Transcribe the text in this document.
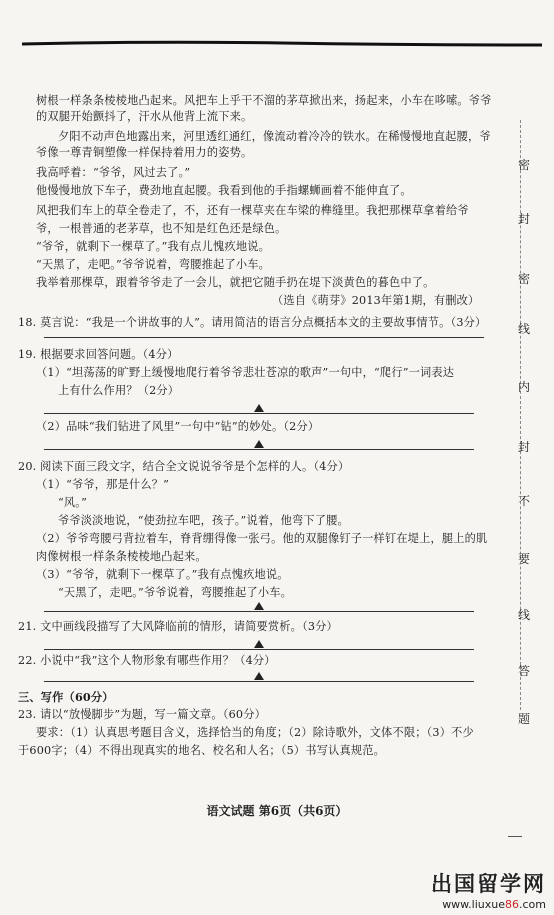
树根一样条条棱棱地凸起来。风把车上乎干不溜的茅草掀出来，扬起来，小车在哆嗦。爷爷
的双腿开始颤抖了，汗水从他背上流下来。
夕阳不动声色地露出来，河里透红通红，像流动着冷冷的铁水。在稀慢慢地直起腰，爷
爷像一尊青铜塑像一样保持着用力的姿势。
我高呼着：“爷爷，风过去了。”
他慢慢地放下车子，费劲地直起腰。我看到他的手指螺蛳画着不能伸直了。
风把我们车上的草全卷走了，不，还有一棵草夹在车梁的榫缝里。我把那棵草拿着给爷
爷，一根普通的老茅草，也不知是红色还是绿色。
“爷爷，就剩下一棵草了。”我有点儿愧疚地说。
“天黑了，走吧。”爷爷说着，弯腰推起了小车。
我举着那棵草，跟着爷爷走了一会儿，就把它随手扔在堤下淡黄色的暮色中了。
（选自《萌芽》2013年第1期，有删改）
18. 莫言说：“我是一个讲故事的人”。请用简洁的语言分点概括本文的主要故事情节。（3分）
19. 根据要求回答问题。（4分）
（1）“坦荡荡的旷野上缓慢地爬行着爷爷悲壮苍凉的歌声”一句中，“爬行”一词表达
上有什么作用？（2分）
（2）品味“我们钻进了风里”一句中“钻”的妙处。（2分）
20. 阅读下面三段文字，结合全文说说爷爷是个怎样的人。（4分）
（1）“爷爷，那是什么？”
“风。”
爷爷淡淡地说，“使劲拉车吧，孩子。”说着，他弯下了腰。
（2）爷爷弯腰弓背拉着车，脊背绷得像一张弓。他的双腿像钉子一样钉在堤上，腿上的肌
肉像树根一样条条棱棱地凸起来。
（3）“爷爷，就剩下一棵草了。”我有点愧疚地说。
“天黑了，走吧。”爷爷说着，弯腰推起了小车。
21. 文中画线段描写了大风降临前的情形，请简要赏析。（3分）
22. 小说中“我”这个人物形象有哪些作用？（4分）
三、写作（60分）
23. 请以“放慢脚步”为题，写一篇文章。（60分）
要求：（1）认真思考题目含义，选择恰当的角度；（2）除诗歌外，文体不限；（3）不少
于600字；（4）不得出现真实的地名、校名和人名；（5）书写认真规范。
密
封
密
线
内
封
不
要
线
答
题
语文试题 第6页（共6页）
出国留学网
www.liuxue86.com
